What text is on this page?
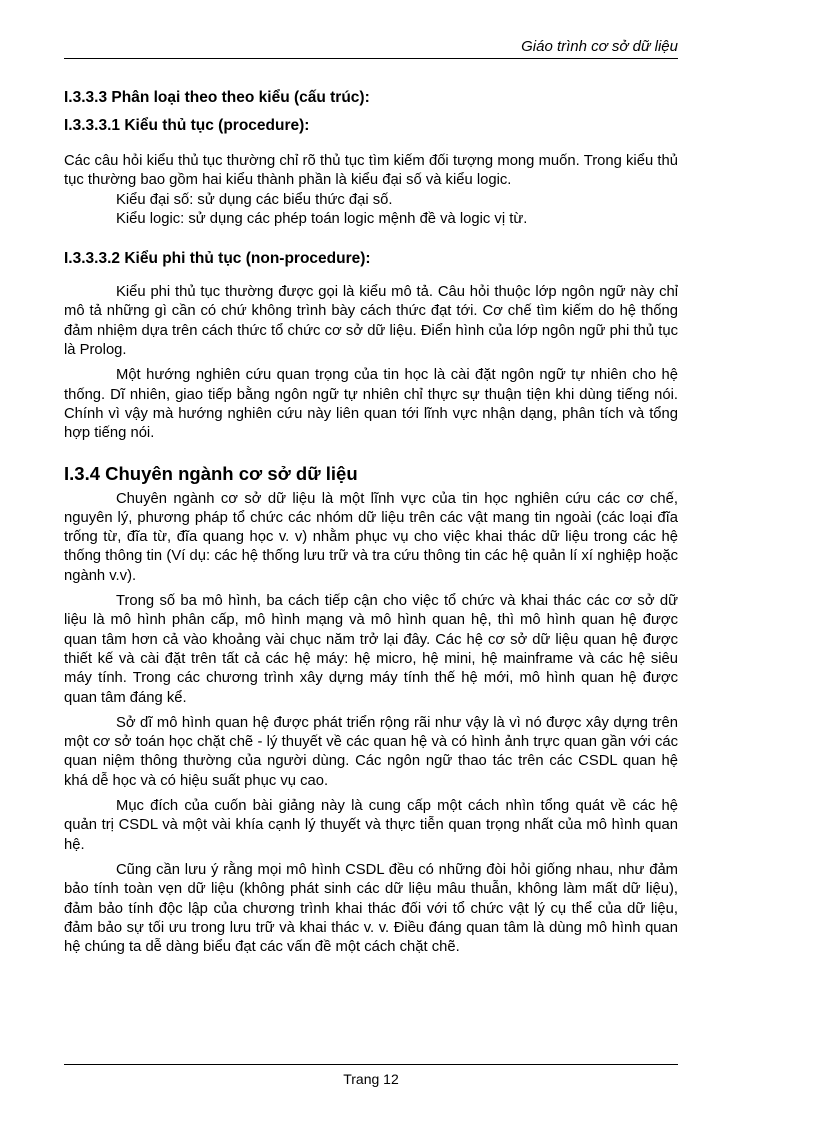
Giáo trình cơ sở dữ liệu
I.3.3.3 Phân loại theo theo kiểu (cấu trúc):
I.3.3.3.1 Kiểu thủ tục (procedure):

Các câu hỏi kiểu thủ tục thường chỉ rõ thủ tục tìm kiếm đối tượng mong muốn. Trong kiểu thủ tục thường bao gồm hai kiểu thành phần là kiểu đại số và kiểu logic.

Kiểu đại số: sử dụng các biểu thức đại số.

Kiểu logic: sử dụng các phép toán logic mệnh đề và logic vị từ.

I.3.3.3.2 Kiểu phi thủ tục (non-procedure):

Kiểu phi thủ tục thường được gọi là kiểu mô tả. Câu hỏi thuộc lớp ngôn ngữ này chỉ mô tả những gì cần có chứ không trình bày cách thức đạt tới. Cơ chế tìm kiếm do hệ thống đảm nhiệm dựa trên cách thức tổ chức cơ sở dữ liệu. Điển hình của lớp ngôn ngữ phi thủ tục là Prolog.

Một hướng nghiên cứu quan trọng của tin học là cài đặt ngôn ngữ tự nhiên cho hệ thống. Dĩ nhiên, giao tiếp bằng ngôn ngữ tự nhiên chỉ thực sự thuận tiện khi dùng tiếng nói. Chính vì vậy mà hướng nghiên cứu này liên quan tới lĩnh vực nhận dạng, phân tích và tổng hợp tiếng nói.

I.3.4 Chuyên ngành cơ sở dữ liệu

Chuyên ngành cơ sở dữ liệu là một lĩnh vực của tin học nghiên cứu các cơ chế, nguyên lý, phương pháp tổ chức các nhóm dữ liệu trên các vật mang tin ngoài (các loại đĩa trống từ, đĩa từ, đĩa quang học v. v) nhằm phục vụ cho việc khai thác dữ liệu trong các hệ thống thông tin (Ví dụ: các hệ thống lưu trữ và tra cứu thông tin các hệ quản lí xí nghiệp hoặc ngành v.v).

Trong số ba mô hình, ba cách tiếp cận cho việc tổ chức và khai thác các cơ sở dữ liệu là mô hình phân cấp, mô hình mạng và mô hình quan hệ, thì mô hình quan hệ được quan tâm hơn cả vào khoảng vài chục năm trở lại đây. Các hệ cơ sở dữ liệu quan hệ được thiết kế và cài đặt trên tất cả các hệ máy: hệ micro, hệ mini, hệ mainframe và các hệ siêu máy tính. Trong các chương trình xây dựng máy tính thế hệ mới, mô hình quan hệ được quan tâm đáng kể.

Sở dĩ mô hình quan hệ được phát triển rộng rãi như vậy là vì nó được xây dựng trên một cơ sở toán học chặt chẽ - lý thuyết về các quan hệ và có hình ảnh trực quan gần với các quan niệm thông thường của người dùng. Các ngôn ngữ thao tác trên các CSDL quan hệ khá dễ học và có hiệu suất phục vụ cao.

Mục đích của cuốn bài giảng này là cung cấp một cách nhìn tổng quát về các hệ quản trị CSDL và một vài khía cạnh lý thuyết và thực tiễn quan trọng nhất của mô hình quan hệ.

Cũng cần lưu ý rằng mọi mô hình CSDL đều có những đòi hỏi giống nhau, như đảm bảo tính toàn vẹn dữ liệu (không phát sinh các dữ liệu mâu thuẫn, không làm mất dữ liệu), đảm bảo tính độc lập của chương trình khai thác đối với tổ chức vật lý cụ thể của dữ liệu, đảm bảo sự tối ưu trong lưu trữ và khai thác v. v. Điều đáng quan tâm là dùng mô hình quan hệ chúng ta dễ dàng biểu đạt các vấn đề một cách chặt chẽ.

Trang 12
